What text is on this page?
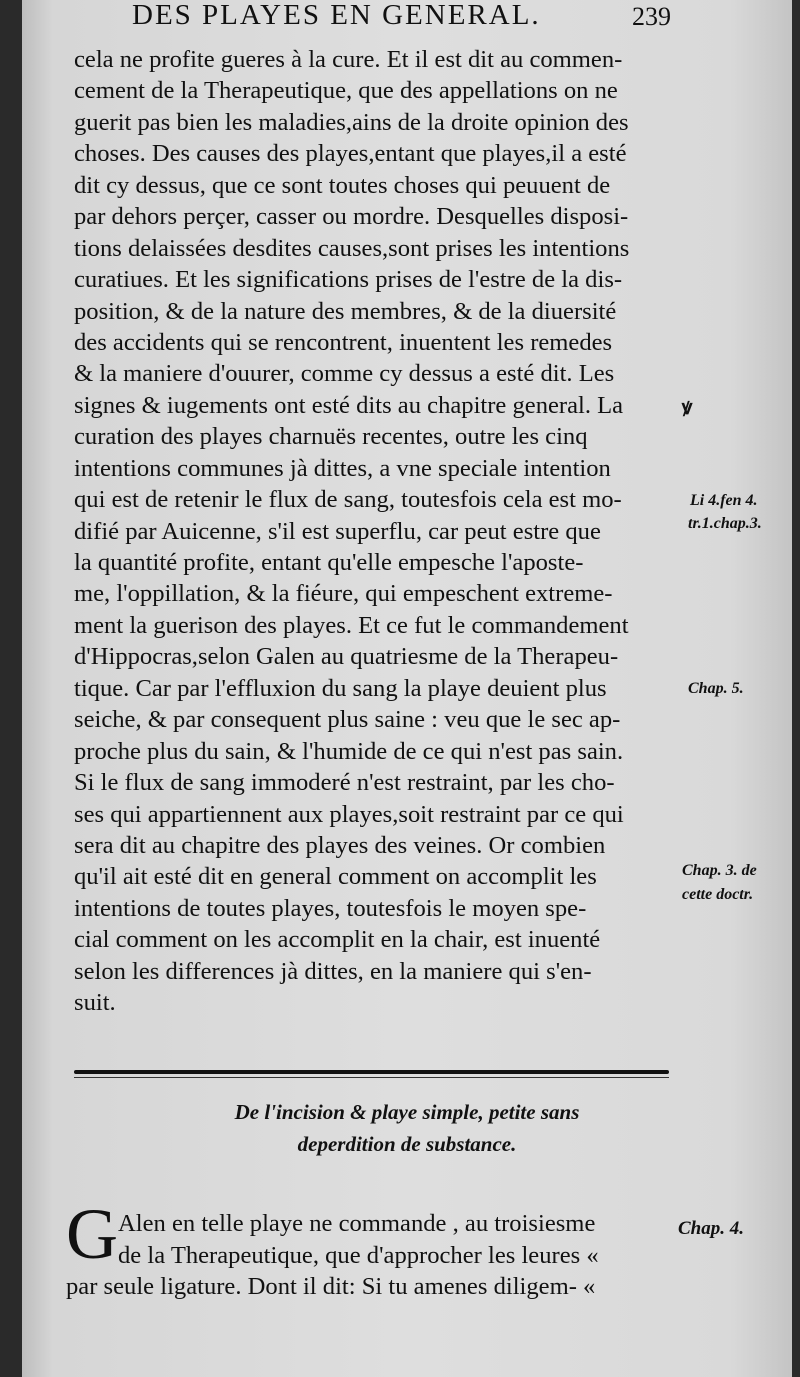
DES PLAYES EN GENERAL.	239
cela ne profite gueres à la cure. Et il est dit au commen-
cement de la Therapeutique, que des appellations on ne
guerit pas bien les maladies,ains de la droite opinion des
choses. Des causes des playes,entant que playes,il a esté
dit cy dessus, que ce sont toutes choses qui peuuent de
par dehors perçer, casser ou mordre. Desquelles disposi-
tions delaissées desdites causes,sont prises les intentions
curatiues. Et les significations prises de l'estre de la dis-
position, & de la nature des membres, & de la diuersité
des accidents qui se rencontrent, inuentent les remedes
& la maniere d'ouurer, comme cy dessus a esté dit. Les
signes & iugements ont esté dits au chapitre general. La
curation des playes charnuës recentes, outre les cinq
intentions communes jà dittes, a vne speciale intention
qui est de retenir le flux de sang, toutesfois cela est mo-
difié par Auicenne, s'il est superflu, car peut estre que
la quantité profite, entant qu'elle empesche l'aposte-
me, l'oppillation, & la fiéure, qui empeschent extreme-
ment la guerison des playes. Et ce fut le commandement
d'Hippocras,selon Galen au quatriesme de la Therapeu-
tique. Car par l'effluxion du sang la playe deuient plus
seiche, & par consequent plus saine : veu que le sec ap-
proche plus du sain, & l'humide de ce qui n'est pas sain.
Si le flux de sang immoderé n'est restraint, par les cho-
ses qui appartiennent aux playes,soit restraint par ce qui
sera dit au chapitre des playes des veines. Or combien
qu'il ait esté dit en general comment on accomplit les
intentions de toutes playes, toutesfois le moyen spe-
cial comment on les accomplit en la chair, est inuenté
selon les differences jà dittes, en la maniere qui s'en-
suit.
ꝟ
Li 4.fen 4.
tr.1.chap.3.
Chap. 5.
Chap. 3. de
cette doctr.
Chap. 4.
De l'incision & playe simple, petite sans
deperdition de substance.
G Alen en telle playe ne commande , au troisiesme
de la Therapeutique, que d'approcher les leures «
par seule ligature. Dont il dit: Si tu amenes diligem- «
